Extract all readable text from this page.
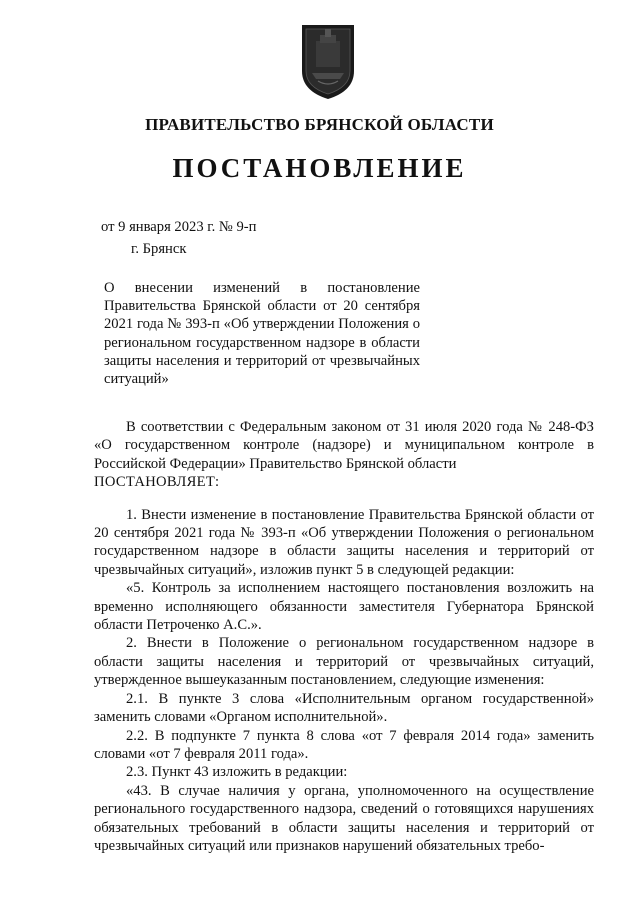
ПРАВИТЕЛЬСТВО БРЯНСКОЙ ОБЛАСТИ
ПОСТАНОВЛЕНИЕ
от 9 января 2023 г. № 9-п
г. Брянск
О внесении изменений в постановление Правительства Брянской области от 20 сентября 2021 года № 393-п «Об утверждении Положения о региональном государственном надзоре в области защиты населения и территорий от чрезвычайных ситуаций»

В соответствии с Федеральным законом от 31 июля 2020 года № 248-ФЗ «О государственном контроле (надзоре) и муниципальном контроле в Российской Федерации» Правительство Брянской области

ПОСТАНОВЛЯЕТ:

1. Внести изменение в постановление Правительства Брянской области от 20 сентября 2021 года № 393-п «Об утверждении Положения о региональном государственном надзоре в области защиты населения и территорий от чрезвычайных ситуаций», изложив пункт 5 в следующей редакции:

«5. Контроль за исполнением настоящего постановления возложить на временно исполняющего обязанности заместителя Губернатора Брянской области Петроченко А.С.».

2. Внести в Положение о региональном государственном надзоре в области защиты населения и территорий от чрезвычайных ситуаций, утвержденное вышеуказанным постановлением, следующие изменения:

2.1. В пункте 3 слова «Исполнительным органом государственной» заменить словами «Органом исполнительной».

2.2. В подпункте 7 пункта 8 слова «от 7 февраля 2014 года» заменить словами «от 7 февраля 2011 года».

2.3. Пункт 43 изложить в редакции:

«43. В случае наличия у органа, уполномоченного на осуществление регионального государственного надзора, сведений о готовящихся нарушениях обязательных требований в области защиты населения и территорий от чрезвычайных ситуаций или признаков нарушений обязательных требо-
